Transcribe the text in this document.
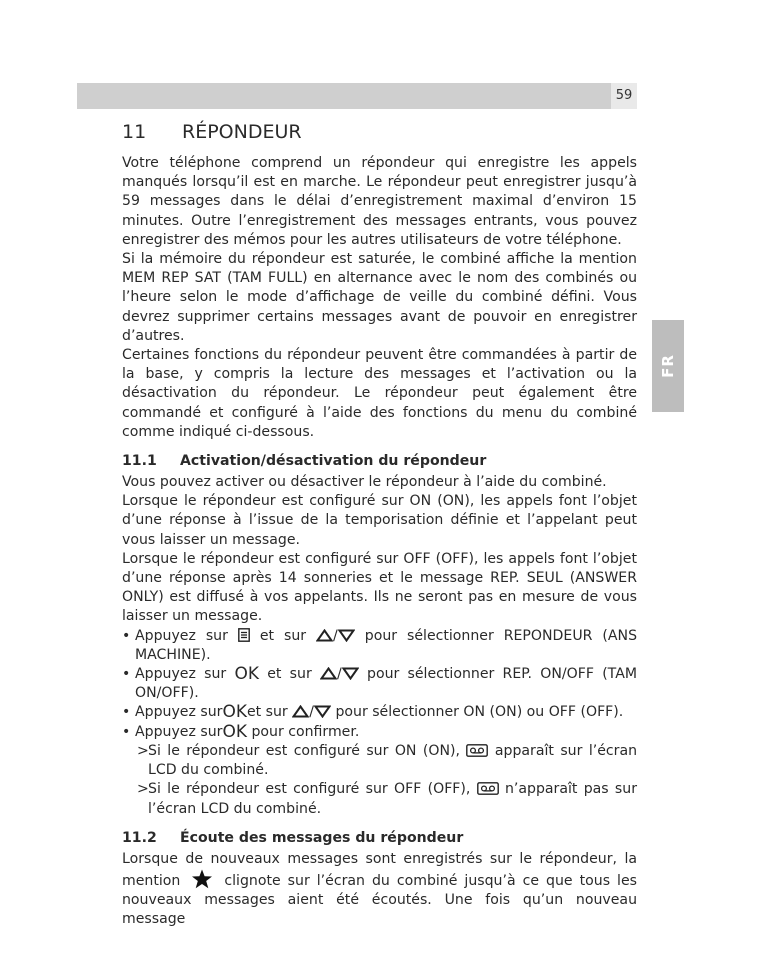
59
FR
11 RÉPONDEUR

Votre téléphone comprend un répondeur qui enregistre les appels manqués lorsqu’il est en marche. Le répondeur peut enregistrer jusqu’à 59 messages dans le délai d’enregistrement maximal d’environ 15 minutes. Outre l’enregistrement des messages entrants, vous pouvez enregistrer des mémos pour les autres utilisateurs de votre téléphone.

Si la mémoire du répondeur est saturée, le combiné affiche la mention MEM REP SAT (TAM FULL) en alternance avec le nom des combinés ou l’heure selon le mode d’affichage de veille du combiné défini. Vous devrez supprimer certains messages avant de pouvoir en enregistrer d’autres.

Certaines fonctions du répondeur peuvent être commandées à partir de la base, y compris la lecture des messages et l’activation ou la désactivation du répondeur. Le répondeur peut également être commandé et configuré à l’aide des fonctions du menu du combiné comme indiqué ci-dessous.

11.1 Activation/désactivation du répondeur

Vous pouvez activer ou désactiver le répondeur à l’aide du combiné.

Lorsque le répondeur est configuré sur ON (ON), les appels font l’objet d’une réponse à l’issue de la temporisation définie et l’appelant peut vous laisser un message.

Lorsque le répondeur est configuré sur OFF (OFF), les appels font l’objet d’une réponse après 14 sonneries et le message REP. SEUL (ANSWER ONLY) est diffusé à vos appelants. Ils ne seront pas en mesure de vous laisser un message.

• Appuyez sur et sur / pour sélectionner REPONDEUR (ANS MACHINE).
• Appuyez sur OK et sur / pour sélectionner REP. ON/OFF (TAM ON/OFF).
• Appuyez surOKet sur / pour sélectionner ON (ON) ou OFF (OFF).
• Appuyez surOK pour confirmer.
> Si le répondeur est configuré sur ON (ON), apparaît sur l’écran LCD du combiné.
> Si le répondeur est configuré sur OFF (OFF), n’apparaît pas sur l’écran LCD du combiné.
11.2 Écoute des messages du répondeur

Lorsque de nouveaux messages sont enregistrés sur le répondeur, la mention	clignote sur l’écran du combiné jusqu’à ce que tous les nouveaux messages aient été écoutés. Une fois qu’un nouveau message
